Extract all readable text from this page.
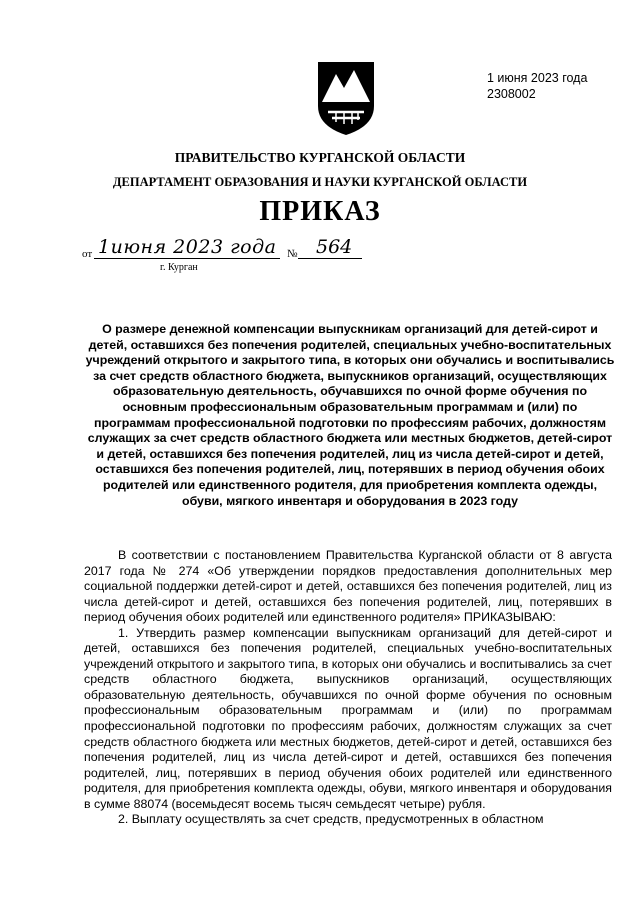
1 июня 2023 года
2308002
ПРАВИТЕЛЬСТВО КУРГАНСКОЙ ОБЛАСТИ
ДЕПАРТАМЕНТ ОБРАЗОВАНИЯ И НАУКИ КУРГАНСКОЙ ОБЛАСТИ
ПРИКАЗ
от 1июня 2023 года № 564
г. Курган
О размере денежной компенсации выпускникам организаций для детей-сирот и детей, оставшихся без попечения родителей, специальных учебно-воспитательных учреждений открытого и закрытого типа, в которых они обучались и воспитывались за счет средств областного бюджета, выпускников организаций, осуществляющих образовательную деятельность, обучавшихся по очной форме обучения по основным профессиональным образовательным программам и (или) по программам профессиональной подготовки по профессиям рабочих, должностям служащих за счет средств областного бюджета или местных бюджетов, детей-сирот и детей, оставшихся без попечения родителей, лиц из числа детей-сирот и детей, оставшихся без попечения родителей, лиц, потерявших в период обучения обоих родителей или единственного родителя, для приобретения комплекта одежды, обуви, мягкого инвентаря и оборудования в 2023 году

В соответствии с постановлением Правительства Курганской области от 8 августа 2017 года № 274 «Об утверждении порядков предоставления дополнительных мер социальной поддержки детей-сирот и детей, оставшихся без попечения родителей, лиц из числа детей-сирот и детей, оставшихся без попечения родителей, лиц, потерявших в период обучения обоих родителей или единственного родителя» ПРИКАЗЫВАЮ:

1. Утвердить размер компенсации выпускникам организаций для детей-сирот и детей, оставшихся без попечения родителей, специальных учебно-воспитательных учреждений открытого и закрытого типа, в которых они обучались и воспитывались за счет средств областного бюджета, выпускников организаций, осуществляющих образовательную деятельность, обучавшихся по очной форме обучения по основным профессиональным образовательным программам и (или) по программам профессиональной подготовки по профессиям рабочих, должностям служащих за счет средств областного бюджета или местных бюджетов, детей-сирот и детей, оставшихся без попечения родителей, лиц из числа детей-сирот и детей, оставшихся без попечения родителей, лиц, потерявших в период обучения обоих родителей или единственного родителя, для приобретения комплекта одежды, обуви, мягкого инвентаря и оборудования в сумме 88074 (восемьдесят восемь тысяч семьдесят четыре) рубля.

2. Выплату осуществлять за счет средств, предусмотренных в областном
